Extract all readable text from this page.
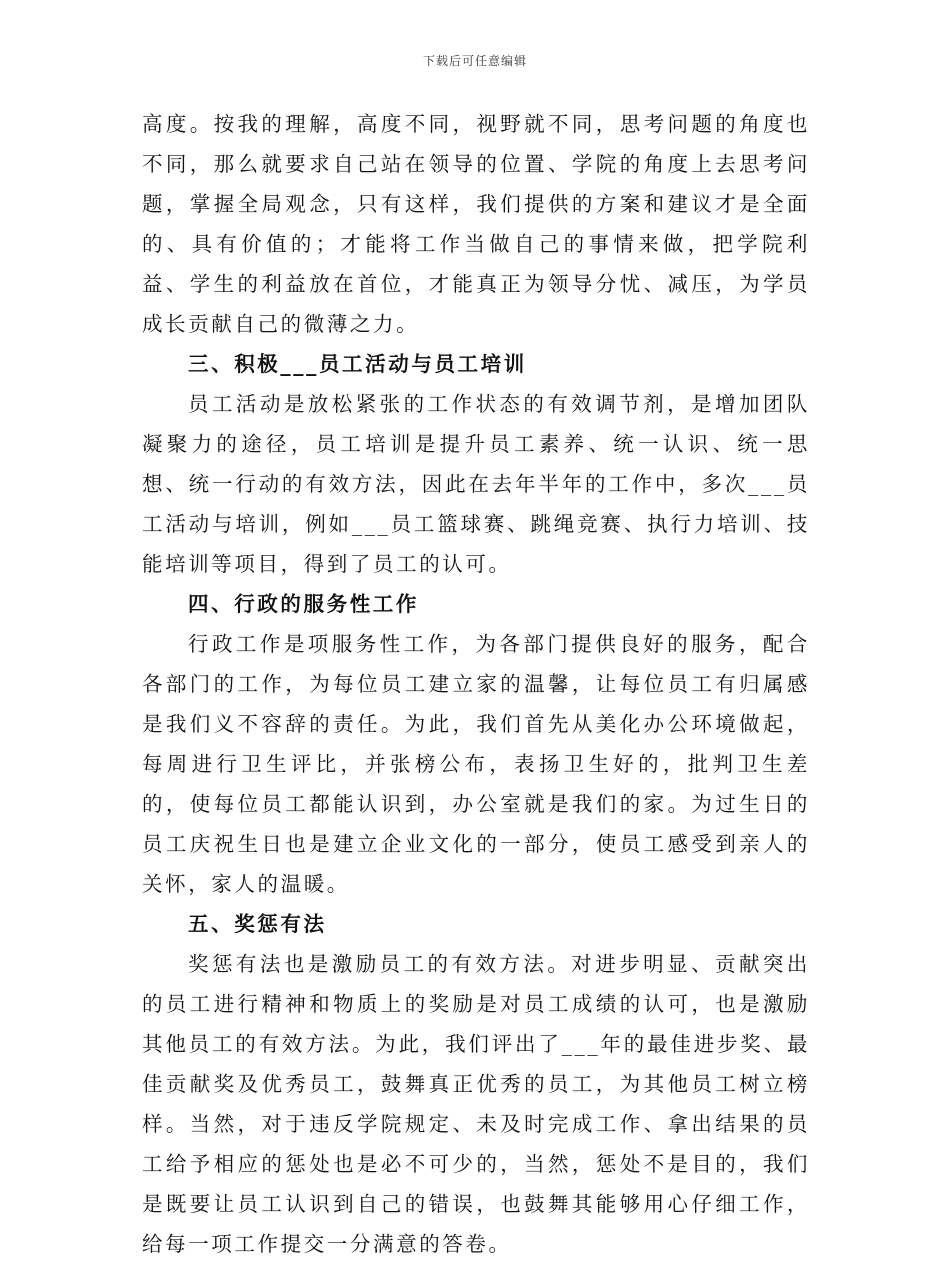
下载后可任意编辑

高度。按我的理解，高度不同，视野就不同，思考问题的角度也不同，那么就要求自己站在领导的位置、学院的角度上去思考问题，掌握全局观念，只有这样，我们提供的方案和建议才是全面的、具有价值的；才能将工作当做自己的事情来做，把学院利益、学生的利益放在首位，才能真正为领导分忧、减压，为学员成长贡献自己的微薄之力。

三、积极___员工活动与员工培训

员工活动是放松紧张的工作状态的有效调节剂，是增加团队凝聚力的途径，员工培训是提升员工素养、统一认识、统一思想、统一行动的有效方法，因此在去年半年的工作中，多次___员工活动与培训，例如___员工篮球赛、跳绳竞赛、执行力培训、技能培训等项目，得到了员工的认可。

四、行政的服务性工作

行政工作是项服务性工作，为各部门提供良好的服务，配合各部门的工作，为每位员工建立家的温馨，让每位员工有归属感是我们义不容辞的责任。为此，我们首先从美化办公环境做起，每周进行卫生评比，并张榜公布，表扬卫生好的，批判卫生差的，使每位员工都能认识到，办公室就是我们的家。为过生日的员工庆祝生日也是建立企业文化的一部分，使员工感受到亲人的关怀，家人的温暖。

五、奖惩有法

奖惩有法也是激励员工的有效方法。对进步明显、贡献突出的员工进行精神和物质上的奖励是对员工成绩的认可，也是激励其他员工的有效方法。为此，我们评出了___年的最佳进步奖、最佳贡献奖及优秀员工，鼓舞真正优秀的员工，为其他员工树立榜样。当然，对于违反学院规定、未及时完成工作、拿出结果的员工给予相应的惩处也是必不可少的，当然，惩处不是目的，我们是既要让员工认识到自己的错误，也鼓舞其能够用心仔细工作，给每一项工作提交一分满意的答卷。
